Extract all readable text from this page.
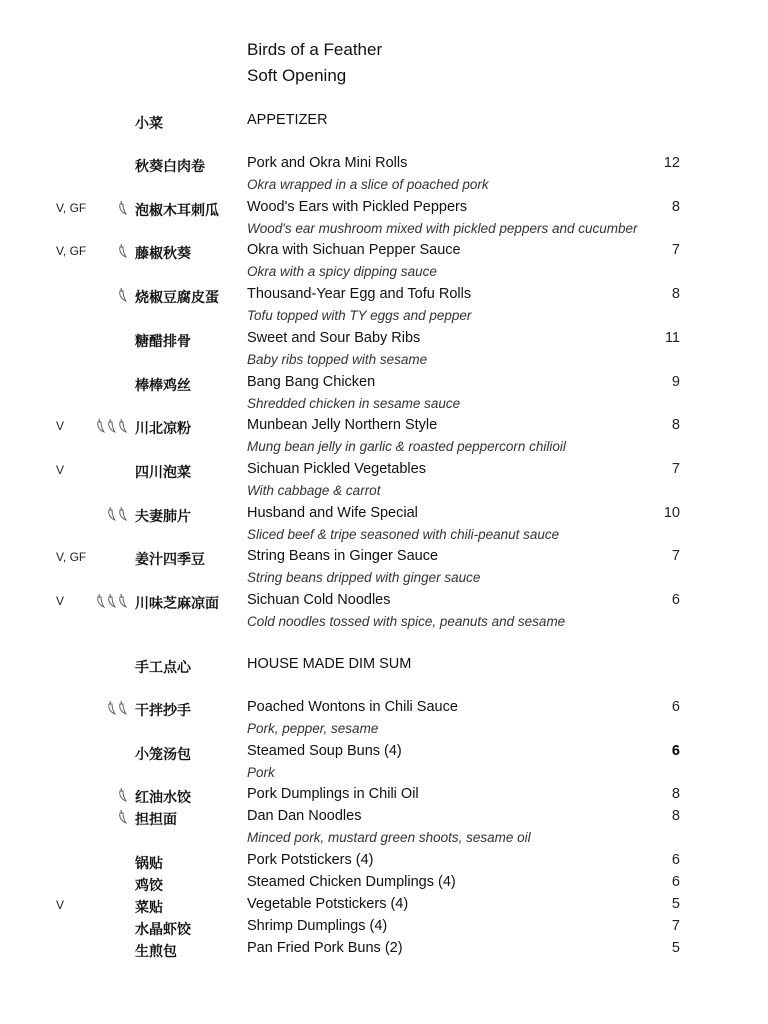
Birds of a Feather
Soft Opening
小菜	APPETIZER
秋葵白肉卷	Pork and Okra Mini Rolls	12
Okra wrapped in a slice of poached pork
V, GF	泡椒木耳刺瓜 Wood's Ears with Pickled Peppers	8
Wood's ear mushroom mixed with pickled peppers and cucumber
V, GF	藤椒秋葵	Okra with Sichuan Pepper Sauce	7
Okra with a spicy dipping sauce
烧椒豆腐皮蛋 Thousand-Year Egg and Tofu Rolls	8
Tofu topped with TY eggs and pepper
糖醋排骨	Sweet and Sour Baby Ribs	11
Baby ribs topped with sesame
棒棒鸡丝	Bang Bang Chicken	9
Shredded chicken in sesame sauce
V	川北凉粉	Munbean Jelly Northern Style	8
Mung bean jelly in garlic & roasted peppercorn chilioil
V	四川泡菜	Sichuan Pickled Vegetables	7
With cabbage & carrot
夫妻肺片	Husband and Wife Special	10
Sliced beef & tripe seasoned with chili-peanut sauce
V, GF	姜汁四季豆	String Beans in Ginger Sauce	7
String beans dripped with ginger sauce
V	川味芝麻凉面 Sichuan Cold Noodles	6
Cold noodles tossed with spice, peanuts and sesame
手工点心	HOUSE MADE DIM SUM
干拌抄手	Poached Wontons in Chili Sauce	6
Pork, pepper, sesame
小笼汤包	Steamed Soup Buns (4)	6
Pork
红油水饺	Pork Dumplings in Chili Oil	8
担担面	Dan Dan Noodles	8
Minced pork, mustard green shoots, sesame oil
锅贴	Pork Potstickers (4)	6
鸡饺	Steamed Chicken Dumplings (4)	6
V	菜贴	Vegetable Potstickers (4)	5
水晶虾饺	Shrimp Dumplings (4)	7
生煎包	Pan Fried Pork Buns (2)	5
